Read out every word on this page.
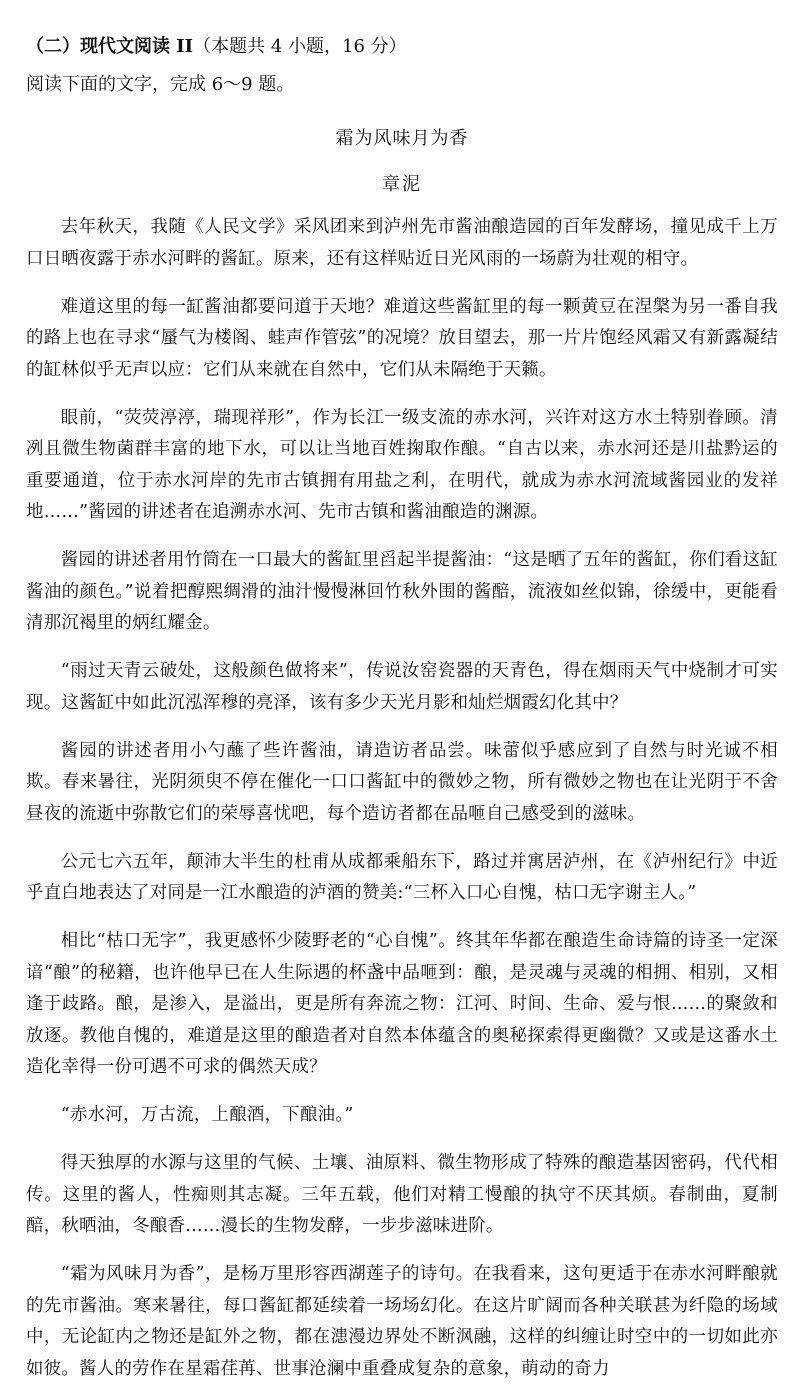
（二）现代文阅读 II（本题共 4 小题，16 分）
阅读下面的文字，完成 6～9 题。
霜为风味月为香
章泥

去年秋天，我随《人民文学》采风团来到泸州先市酱油酿造园的百年发酵场，撞见成千上万口日晒夜露于赤水河畔的酱缸。原来，还有这样贴近日光风雨的一场蔚为壮观的相守。

难道这里的每一缸酱油都要问道于天地？难道这些酱缸里的每一颗黄豆在涅槃为另一番自我的路上也在寻求“蜃气为楼阁、蛙声作管弦”的况境？放目望去，那一片片饱经风霜又有新露凝结的缸林似乎无声以应：它们从来就在自然中，它们从未隔绝于天籁。

眼前，“荧荧渟渟，瑞现祥形”，作为长江一级支流的赤水河，兴许对这方水土特别眷顾。清冽且微生物菌群丰富的地下水，可以让当地百姓掬取作酿。“自古以来，赤水河还是川盐黔运的重要通道，位于赤水河岸的先市古镇拥有用盐之利，在明代，就成为赤水河流域酱园业的发祥地……”酱园的讲述者在追溯赤水河、先市古镇和酱油酿造的渊源。

酱园的讲述者用竹筒在一口最大的酱缸里舀起半提酱油：“这是晒了五年的酱缸，你们看这缸酱油的颜色。”说着把醇熙绸滑的油汁慢慢淋回竹秋外围的酱醅，流液如丝似锦，徐缓中，更能看清那沉褐里的炳红耀金。

“雨过天青云破处，这般颜色做将来”，传说汝窑瓷器的天青色，得在烟雨天气中烧制才可实现。这酱缸中如此沉泓浑穆的亮泽，该有多少天光月影和灿烂烟霞幻化其中？

酱园的讲述者用小勺蘸了些许酱油，请造访者品尝。味蕾似乎感应到了自然与时光诚不相欺。春来暑往，光阴须臾不停在催化一口口酱缸中的微妙之物，所有微妙之物也在让光阴于不舍昼夜的流逝中弥散它们的荣辱喜忧吧，每个造访者都在品咂自己感受到的滋味。

公元七六五年，颠沛大半生的杜甫从成都乘船东下，路过并寓居泸州，在《泸州纪行》中近乎直白地表达了对同是一江水酿造的泸酒的赞美:“三杯入口心自愧，枯口无字谢主人。”

相比“枯口无字”，我更感怀少陵野老的“心自愧”。终其年华都在酿造生命诗篇的诗圣一定深谙“酿”的秘籍，也许他早已在人生际遇的杯盏中品咂到：酿，是灵魂与灵魂的相拥、相别，又相逢于歧路。酿，是渗入，是溢出，更是所有奔流之物：江河、时间、生命、爱与恨……的聚敛和放逐。教他自愧的，难道是这里的酿造者对自然本体蕴含的奥秘探索得更幽微？又或是这番水土造化幸得一份可遇不可求的偶然天成？

“赤水河，万古流，上酿酒，下酿油。”

得天独厚的水源与这里的气候、土壤、油原料、微生物形成了特殊的酿造基因密码，代代相传。这里的酱人，性痴则其志凝。三年五载，他们对精工慢酿的执守不厌其烦。春制曲，夏制醅，秋晒油，冬酿香……漫长的生物发酵，一步步滋味进阶。

“霜为风味月为香”，是杨万里形容西湖莲子的诗句。在我看来，这句更适于在赤水河畔酿就的先市酱油。寒来暑往，每口酱缸都延续着一场场幻化。在这片旷阔而各种关联甚为纤隐的场域中，无论缸内之物还是缸外之物，都在漶漫边界处不断沨融，这样的纠缠让时空中的一切如此亦如彼。酱人的劳作在星霜荏苒、世事沧澜中重叠成复杂的意象，萌动的奇力
